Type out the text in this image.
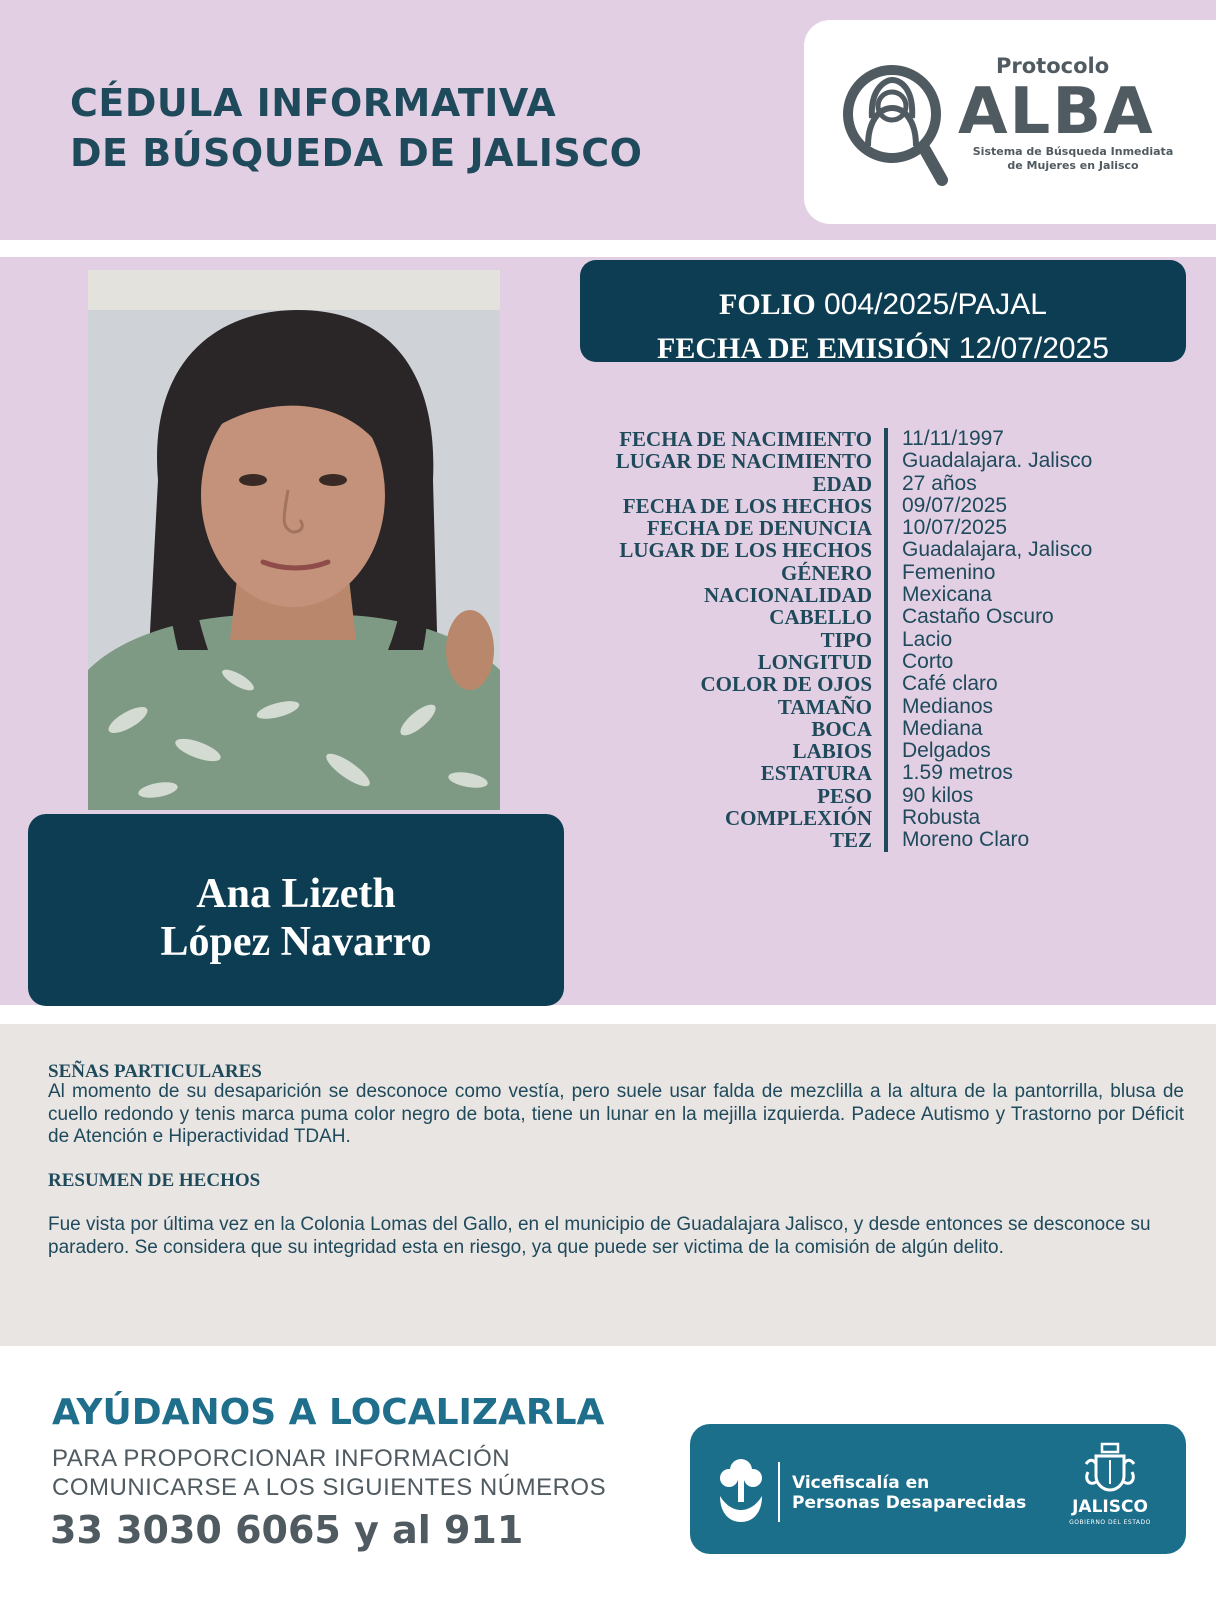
CÉDULA INFORMATIVA
DE BÚSQUEDA DE JALISCO
Protocolo
ALBA
Sistema de Búsqueda Inmediata
de Mujeres en Jalisco
Ana Lizeth
López Navarro
FOLIO 004/2025/PAJAL
FECHA DE EMISIÓN 12/07/2025
FECHA DE NACIMIENTO	11/11/1997
LUGAR DE NACIMIENTO	Guadalajara. Jalisco
EDAD	27 años
FECHA DE LOS HECHOS	09/07/2025
FECHA DE DENUNCIA	10/07/2025
LUGAR DE LOS HECHOS	Guadalajara, Jalisco
GÉNERO	Femenino
NACIONALIDAD	Mexicana
CABELLO	Castaño Oscuro
TIPO	Lacio
LONGITUD	Corto
COLOR DE OJOS	Café claro
TAMAÑO	Medianos
BOCA	Mediana
LABIOS	Delgados
ESTATURA	1.59 metros
PESO	90 kilos
COMPLEXIÓN	Robusta
TEZ	Moreno Claro
SEÑAS PARTICULARES
Al momento de su desaparición se desconoce como vestía, pero suele usar falda de mezclilla a la altura de la pantorrilla, blusa de cuello redondo y tenis marca puma color negro de bota, tiene un lunar en la mejilla izquierda. Padece Autismo y Trastorno por Déficit de Atención e Hiperactividad TDAH.
RESUMEN DE HECHOS
Fue vista por última vez en la Colonia Lomas del Gallo, en el municipio de Guadalajara Jalisco, y desde entonces se desconoce su paradero. Se considera que su integridad esta en riesgo, ya que puede ser victima de la comisión de algún delito.
AYÚDANOS A LOCALIZARLA
PARA PROPORCIONAR INFORMACIÓN
COMUNICARSE A LOS SIGUIENTES NÚMEROS
33 3030 6065 y al 911
Vicefiscalía en
Personas Desaparecidas	JALISCO
GOBIERNO DEL ESTADO
